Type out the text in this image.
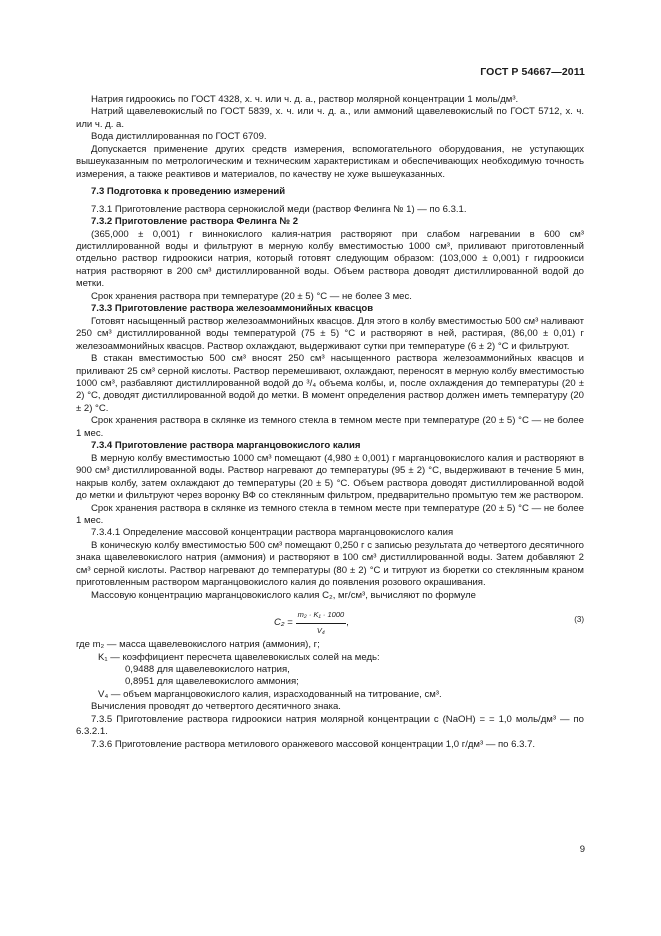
ГОСТ Р 54667—2011

Натрия гидроокись по ГОСТ 4328, х. ч. или ч. д. а., раствор молярной концентрации 1 моль/дм³.

Натрий щавелевокислый по ГОСТ 5839, х. ч. или ч. д. а., или аммоний щавелевокислый по ГОСТ 5712, х. ч. или ч. д. а.

Вода дистиллированная по ГОСТ 6709.

Допускается применение других средств измерения, вспомогательного оборудования, не уступающих вышеуказанным по метрологическим и техническим характеристикам и обеспечивающих необходимую точность измерения, а также реактивов и материалов, по качеству не хуже вышеуказанных.

7.3 Подготовка к проведению измерений

7.3.1 Приготовление раствора сернокислой меди (раствор Фелинга № 1) — по 6.3.1.

7.3.2 Приготовление раствора Фелинга № 2

(365,000 ± 0,001) г виннокислого калия-натрия растворяют при слабом нагревании в 600 см³ дистиллированной воды и фильтруют в мерную колбу вместимостью 1000 см³, приливают приготовленный отдельно раствор гидроокиси натрия, который готовят следующим образом: (103,000 ± 0,001) г гидроокиси натрия растворяют в 200 см³ дистиллированной воды. Объем раствора доводят дистиллированной водой до метки.

Срок хранения раствора при температуре (20 ± 5) °С — не более 3 мес.

7.3.3 Приготовление раствора железоаммонийных квасцов

Готовят насыщенный раствор железоаммонийных квасцов. Для этого в колбу вместимостью 500 см³ наливают 250 см³ дистиллированной воды температурой (75 ± 5) °С и растворяют в ней, растирая, (86,00 ± 0,01) г железоаммонийных квасцов. Раствор охлаждают, выдерживают сутки при температуре (6 ± 2) °С и фильтруют.

В стакан вместимостью 500 см³ вносят 250 см³ насыщенного раствора железоаммонийных квасцов и приливают 25 см³ серной кислоты. Раствор перемешивают, охлаждают, переносят в мерную колбу вместимостью 1000 см³, разбавляют дистиллированной водой до ³/₄ объема колбы, и, после охлаждения до температуры (20 ± 2) °С, доводят дистиллированной водой до метки. В момент определения раствор должен иметь температуру (20 ± 2) °С.

Срок хранения раствора в склянке из темного стекла в темном месте при температуре (20 ± 5) °С — не более 1 мес.

7.3.4 Приготовление раствора марганцовокислого калия

В мерную колбу вместимостью 1000 см³ помещают (4,980 ± 0,001) г марганцовокислого калия и растворяют в 900 см³ дистиллированной воды. Раствор нагревают до температуры (95 ± 2) °С, выдерживают в течение 5 мин, накрыв колбу, затем охлаждают до температуры (20 ± 5) °С. Объем раствора доводят дистиллированной водой до метки и фильтруют через воронку ВФ со стеклянным фильтром, предварительно промытую тем же раствором.

Срок хранения раствора в склянке из темного стекла в темном месте при температуре (20 ± 5) °С — не более 1 мес.

7.3.4.1 Определение массовой концентрации раствора марганцовокислого калия

В коническую колбу вместимостью 500 см³ помещают 0,250 г с записью результата до четвертого десятичного знака щавелевокислого натрия (аммония) и растворяют в 100 см³ дистиллированной воды. Затем добавляют 2 см³ серной кислоты. Раствор нагревают до температуры (80 ± 2) °С и титруют из бюретки со стеклянным краном приготовленным раствором марганцовокислого калия до появления розового окрашивания.

Массовую концентрацию марганцовокислого калия С₂, мг/см³, вычисляют по формуле

$C_2 = \frac{\text{m₂ · K₁ · 1000}}{\text{V₄}}$ ,	(3)

где m₂ — масса щавелевокислого натрия (аммония), г;

K₁ — коэффициент пересчета щавелевокислых солей на медь:

0,9488 для щавелевокислого натрия,

0,8951 для щавелевокислого аммония;

V₄ — объем марганцовокислого калия, израсходованный на титрование, см³.

Вычисления проводят до четвертого десятичного знака.

7.3.5 Приготовление раствора гидроокиси натрия молярной концентрации с (NaOH) = = 1,0 моль/дм³ — по 6.3.2.1.

7.3.6 Приготовление раствора метилового оранжевого массовой концентрации 1,0 г/дм³ — по 6.3.7.

9
